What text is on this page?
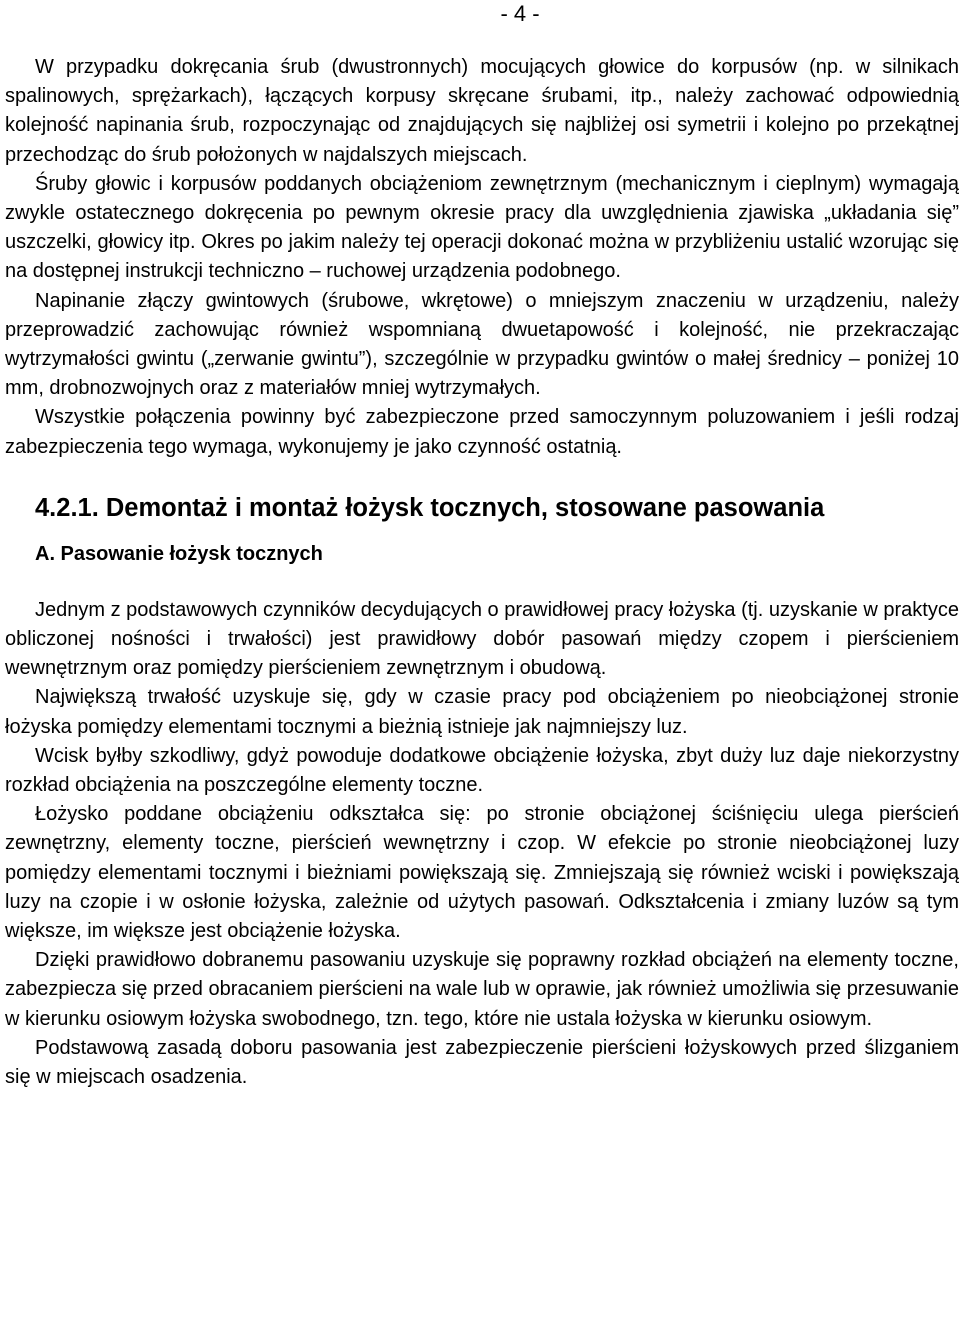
- 4 -

W przypadku dokręcania śrub (dwustronnych) mocujących głowice do korpusów (np. w silnikach spalinowych, sprężarkach), łączących korpusy skręcane śrubami, itp., należy zachować odpowiednią kolejność napinania śrub, rozpoczynając od znajdujących się najbliżej osi symetrii i kolejno po przekątnej przechodząc do śrub położonych w najdalszych miejscach.

Śruby głowic i korpusów poddanych obciążeniom zewnętrznym (mechanicznym i cieplnym) wymagają zwykle ostatecznego dokręcenia po pewnym okresie pracy dla uwzględnienia zjawiska „układania się” uszczelki, głowicy itp. Okres po jakim należy tej operacji dokonać można w przybliżeniu ustalić wzorując się na dostępnej instrukcji techniczno – ruchowej urządzenia podobnego.

Napinanie złączy gwintowych (śrubowe, wkrętowe) o mniejszym znaczeniu w urządzeniu, należy przeprowadzić zachowując również wspomnianą dwuetapowość i kolejność, nie przekraczając wytrzymałości gwintu („zerwanie gwintu”), szczególnie w przypadku gwintów o małej średnicy – poniżej 10 mm, drobnozwojnych oraz z materiałów mniej wytrzymałych.

Wszystkie połączenia powinny być zabezpieczone przed samoczynnym poluzowaniem i jeśli rodzaj zabezpieczenia tego wymaga, wykonujemy je jako czynność ostatnią.

4.2.1. Demontaż i montaż łożysk tocznych, stosowane pasowania
A. Pasowanie łożysk tocznych

Jednym z podstawowych czynników decydujących o prawidłowej pracy łożyska (tj. uzyskanie w praktyce obliczonej nośności i trwałości) jest prawidłowy dobór pasowań między czopem i pierścieniem wewnętrznym oraz pomiędzy pierścieniem zewnętrznym i obudową.

Największą trwałość uzyskuje się, gdy w czasie pracy pod obciążeniem po nieobciążonej stronie łożyska pomiędzy elementami tocznymi a bieżnią istnieje jak najmniejszy luz.

Wcisk byłby szkodliwy, gdyż powoduje dodatkowe obciążenie łożyska, zbyt duży luz daje niekorzystny rozkład obciążenia na poszczególne elementy toczne.

Łożysko poddane obciążeniu odkształca się: po stronie obciążonej ściśnięciu ulega pierścień zewnętrzny, elementy toczne, pierścień wewnętrzny i czop. W efekcie po stronie nieobciążonej luzy pomiędzy elementami tocznymi i bieżniami powiększają się. Zmniejszają się również wciski i powiększają luzy na czopie i w osłonie łożyska, zależnie od użytych pasowań. Odkształcenia i zmiany luzów są tym większe, im większe jest obciążenie łożyska.

Dzięki prawidłowo dobranemu pasowaniu uzyskuje się poprawny rozkład obciążeń na elementy toczne, zabezpiecza się przed obracaniem pierścieni na wale lub w oprawie, jak również umożliwia się przesuwanie w kierunku osiowym łożyska swobodnego, tzn. tego, które nie ustala łożyska w kierunku osiowym.

Podstawową zasadą doboru pasowania jest zabezpieczenie pierścieni łożyskowych przed ślizganiem się w miejscach osadzenia.
